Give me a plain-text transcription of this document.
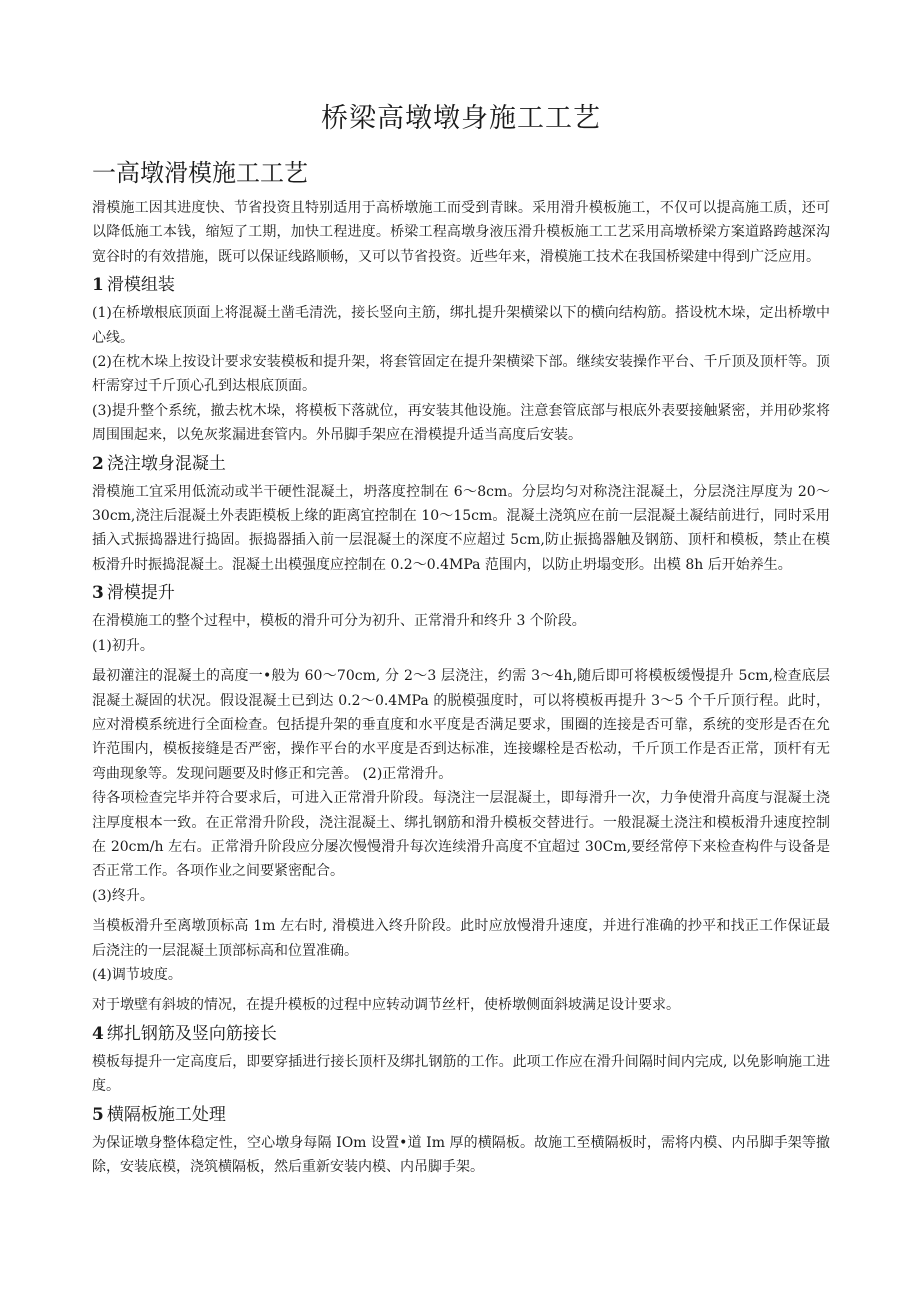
桥梁高墩墩身施工工艺
一高墩滑模施工工艺

滑模施工因其进度快、节省投资且特别适用于高桥墩施工而受到青睐。采用滑升模板施工，不仅可以提高施工质，还可以降低施工本钱，缩短了工期，加快工程进度。桥梁工程高墩身液压滑升模板施工工艺采用高墩桥梁方案道路跨越深沟宽谷时的有效措施，既可以保证线路顺畅，又可以节省投资。近些年来，滑模施工技术在我国桥梁建中得到广泛应用。

1 滑模组装

(1)在桥墩根底顶面上将混凝土凿毛清洗，接长竖向主筋，绑扎提升架横梁以下的横向结构筋。搭设枕木垛，定出桥墩中心线。

(2)在枕木垛上按设计要求安装模板和提升架，将套管固定在提升架横梁下部。继续安装操作平台、千斤顶及顶杆等。顶杆需穿过千斤顶心孔到达根底顶面。

(3)提升整个系统，撤去枕木垛，将模板下落就位，再安装其他设施。注意套管底部与根底外表要接触紧密，并用砂浆将周围围起来，以免灰浆漏进套管内。外吊脚手架应在滑模提升适当高度后安装。

2 浇注墩身混凝土

滑模施工宜采用低流动或半干硬性混凝土，坍落度控制在 6～8cm。分层均匀对称浇注混凝土，分层浇注厚度为 20～30cm,浇注后混凝土外表距模板上缘的距离宜控制在 10～15cm。混凝土浇筑应在前一层混凝土凝结前进行，同时采用插入式振捣器进行捣固。振捣器插入前一层混凝土的深度不应超过 5cm,防止振捣器触及钢筋、顶杆和模板，禁止在模板滑升时振捣混凝土。混凝土出模强度应控制在 0.2～0.4MPa 范围内，以防止坍塌变形。出模 8h 后开始养生。

3 滑模提升

在滑模施工的整个过程中，模板的滑升可分为初升、正常滑升和终升 3 个阶段。

(1)初升。

最初灌注的混凝土的高度一•般为 60～70cm, 分 2～3 层浇注，约需 3～4h,随后即可将模板缓慢提升 5cm,检查底层混凝土凝固的状况。假设混凝土已到达 0.2～0.4MPa 的脱模强度时，可以将模板再提升 3～5 个千斤顶行程。此时，应对滑模系统进行全面检查。包括提升架的垂直度和水平度是否满足要求，围圈的连接是否可靠，系统的变形是否在允许范围内，模板接缝是否严密，操作平台的水平度是否到达标准，连接螺栓是否松动，千斤顶工作是否正常，顶杆有无弯曲现象等。发现问题要及时修正和完善。 (2)正常滑升。

待各项检查完毕并符合要求后，可进入正常滑升阶段。每浇注一层混凝土，即每滑升一次，力争使滑升高度与混凝土浇注厚度根本一致。在正常滑升阶段，浇注混凝土、绑扎钢筋和滑升模板交替进行。一般混凝土浇注和模板滑升速度控制在 20cm/h 左右。正常滑升阶段应分屡次慢慢滑升每次连续滑升高度不宜超过 30Cm,要经常停下来检查构件与设备是否正常工作。各项作业之间要紧密配合。

(3)终升。

当模板滑升至离墩顶标高 1m 左右时, 滑模进入终升阶段。此时应放慢滑升速度，并进行准确的抄平和找正工作保证最后浇注的一层混凝土顶部标高和位置准确。

(4)调节坡度。

对于墩壁有斜坡的情况，在提升模板的过程中应转动调节丝杆，使桥墩侧面斜坡满足设计要求。

4 绑扎钢筋及竖向筋接长

模板每提升一定高度后，即要穿插进行接长顶杆及绑扎钢筋的工作。此项工作应在滑升间隔时间内完成, 以免影响施工进度。

5 横隔板施工处理

为保证墩身整体稳定性，空心墩身每隔 IOm 设置•道 Im 厚的横隔板。故施工至横隔板时，需将内模、内吊脚手架等撤除，安装底模，浇筑横隔板，然后重新安装内模、内吊脚手架。
